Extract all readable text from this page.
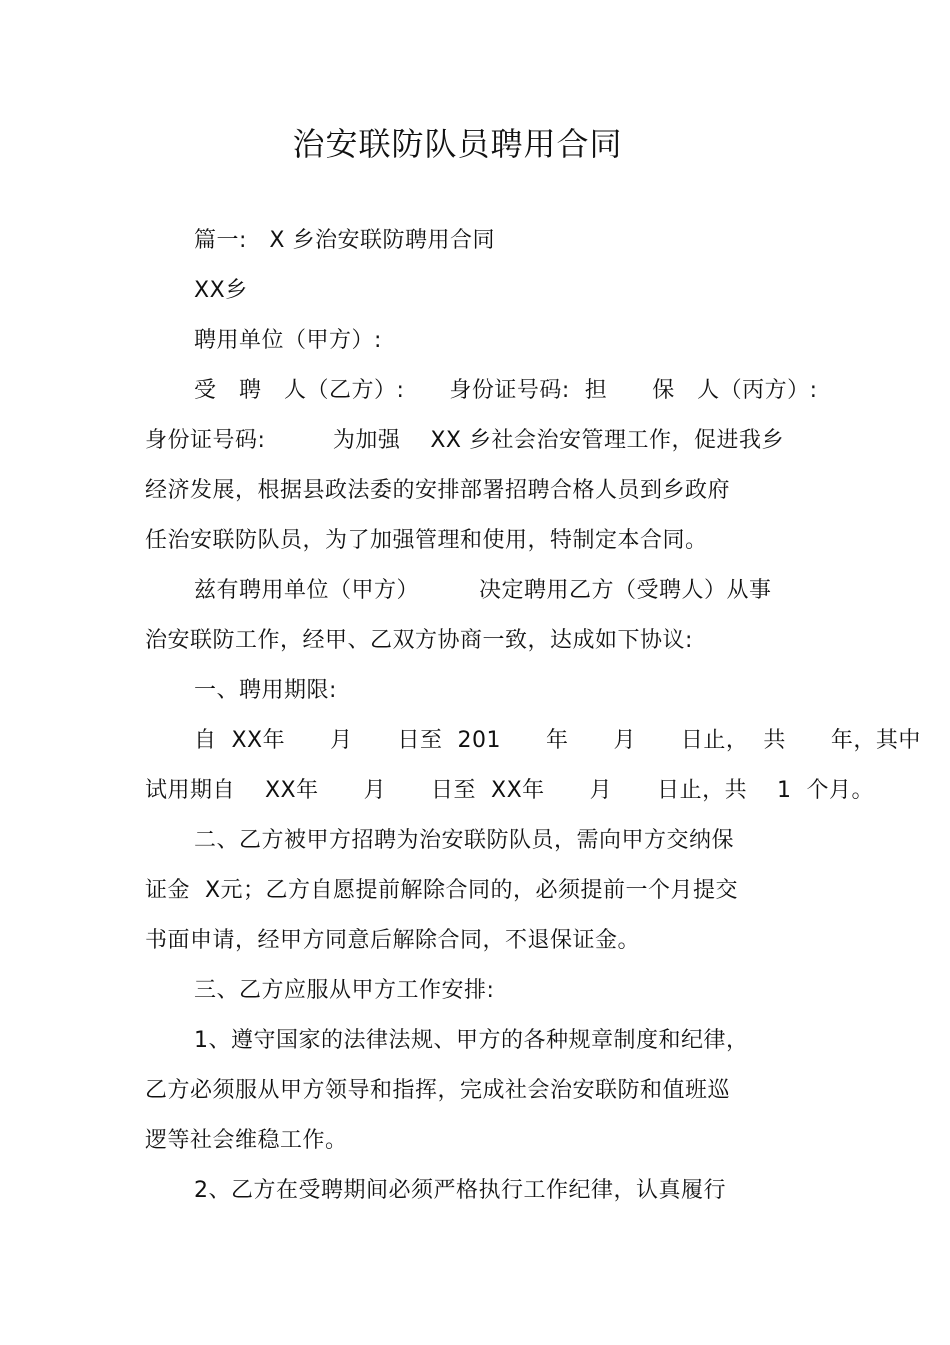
治安联防队员聘用合同
篇一:   X 乡治安联防聘用合同
XX乡
聘用单位（甲方）:
受   聘   人（乙方）:      身份证号码:  担      保   人（丙方）:
身份证号码:         为加强    XX 乡社会治安管理工作，促进我乡
经济发展，根据县政法委的安排部署招聘合格人员到乡政府
任治安联防队员，为了加强管理和使用，特制定本合同。
兹有聘用单位（甲方）        决定聘用乙方（受聘人）从事
治安联防工作，经甲、乙双方协商一致，达成如下协议:
一、聘用期限:
自  XX年      月      日至  201      年      月      日止，  共      年，其中
试用期自    XX年      月      日至  XX年      月      日止，共    1  个月。
二、乙方被甲方招聘为治安联防队员，需向甲方交纳保
证金  X元；乙方自愿提前解除合同的，必须提前一个月提交
书面申请，经甲方同意后解除合同，不退保证金。
三、乙方应服从甲方工作安排:
1、遵守国家的法律法规、甲方的各种规章制度和纪律，
乙方必须服从甲方领导和指挥，完成社会治安联防和值班巡
逻等社会维稳工作。
2、乙方在受聘期间必须严格执行工作纪律，认真履行
